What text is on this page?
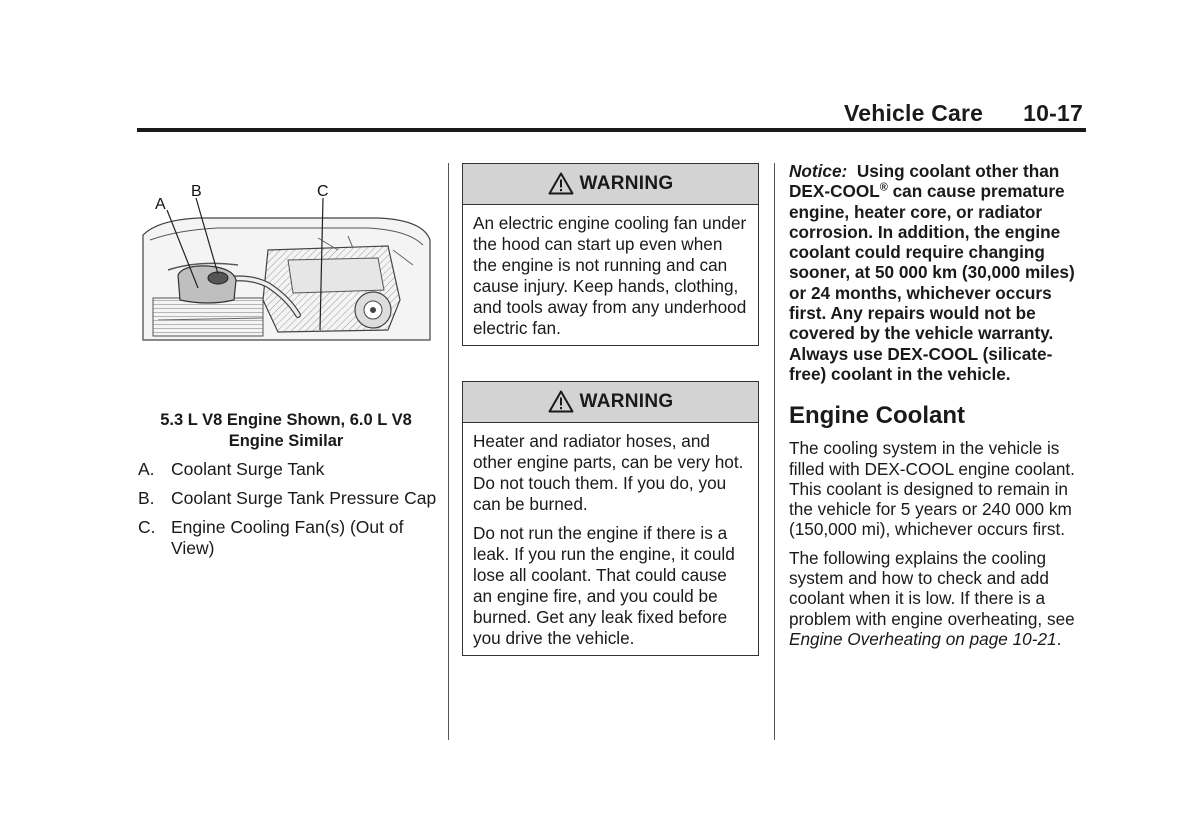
Vehicle Care 10-17
A
B	C
5.3 L V8 Engine Shown, 6.0 L V8 Engine Similar
A. Coolant Surge Tank
B. Coolant Surge Tank Pressure Cap
C. Engine Cooling Fan(s) (Out of View)
WARNING

An electric engine cooling fan under the hood can start up even when the engine is not running and can cause injury. Keep hands, clothing, and tools away from any underhood electric fan.

WARNING

Heater and radiator hoses, and other engine parts, can be very hot. Do not touch them. If you do, you can be burned.

Do not run the engine if there is a leak. If you run the engine, it could lose all coolant. That could cause an engine fire, and you could be burned. Get any leak fixed before you drive the vehicle.

Notice: Using coolant other than DEX-COOL® can cause premature engine, heater core, or radiator corrosion. In addition, the engine coolant could require changing sooner, at 50 000 km (30,000 miles) or 24 months, whichever occurs first. Any repairs would not be covered by the vehicle warranty. Always use DEX-COOL (silicate-free) coolant in the vehicle.

Engine Coolant

The cooling system in the vehicle is filled with DEX-COOL engine coolant. This coolant is designed to remain in the vehicle for 5 years or 240 000 km (150,000 mi), whichever occurs first.

The following explains the cooling system and how to check and add coolant when it is low. If there is a problem with engine overheating, see Engine Overheating on page 10-21.
